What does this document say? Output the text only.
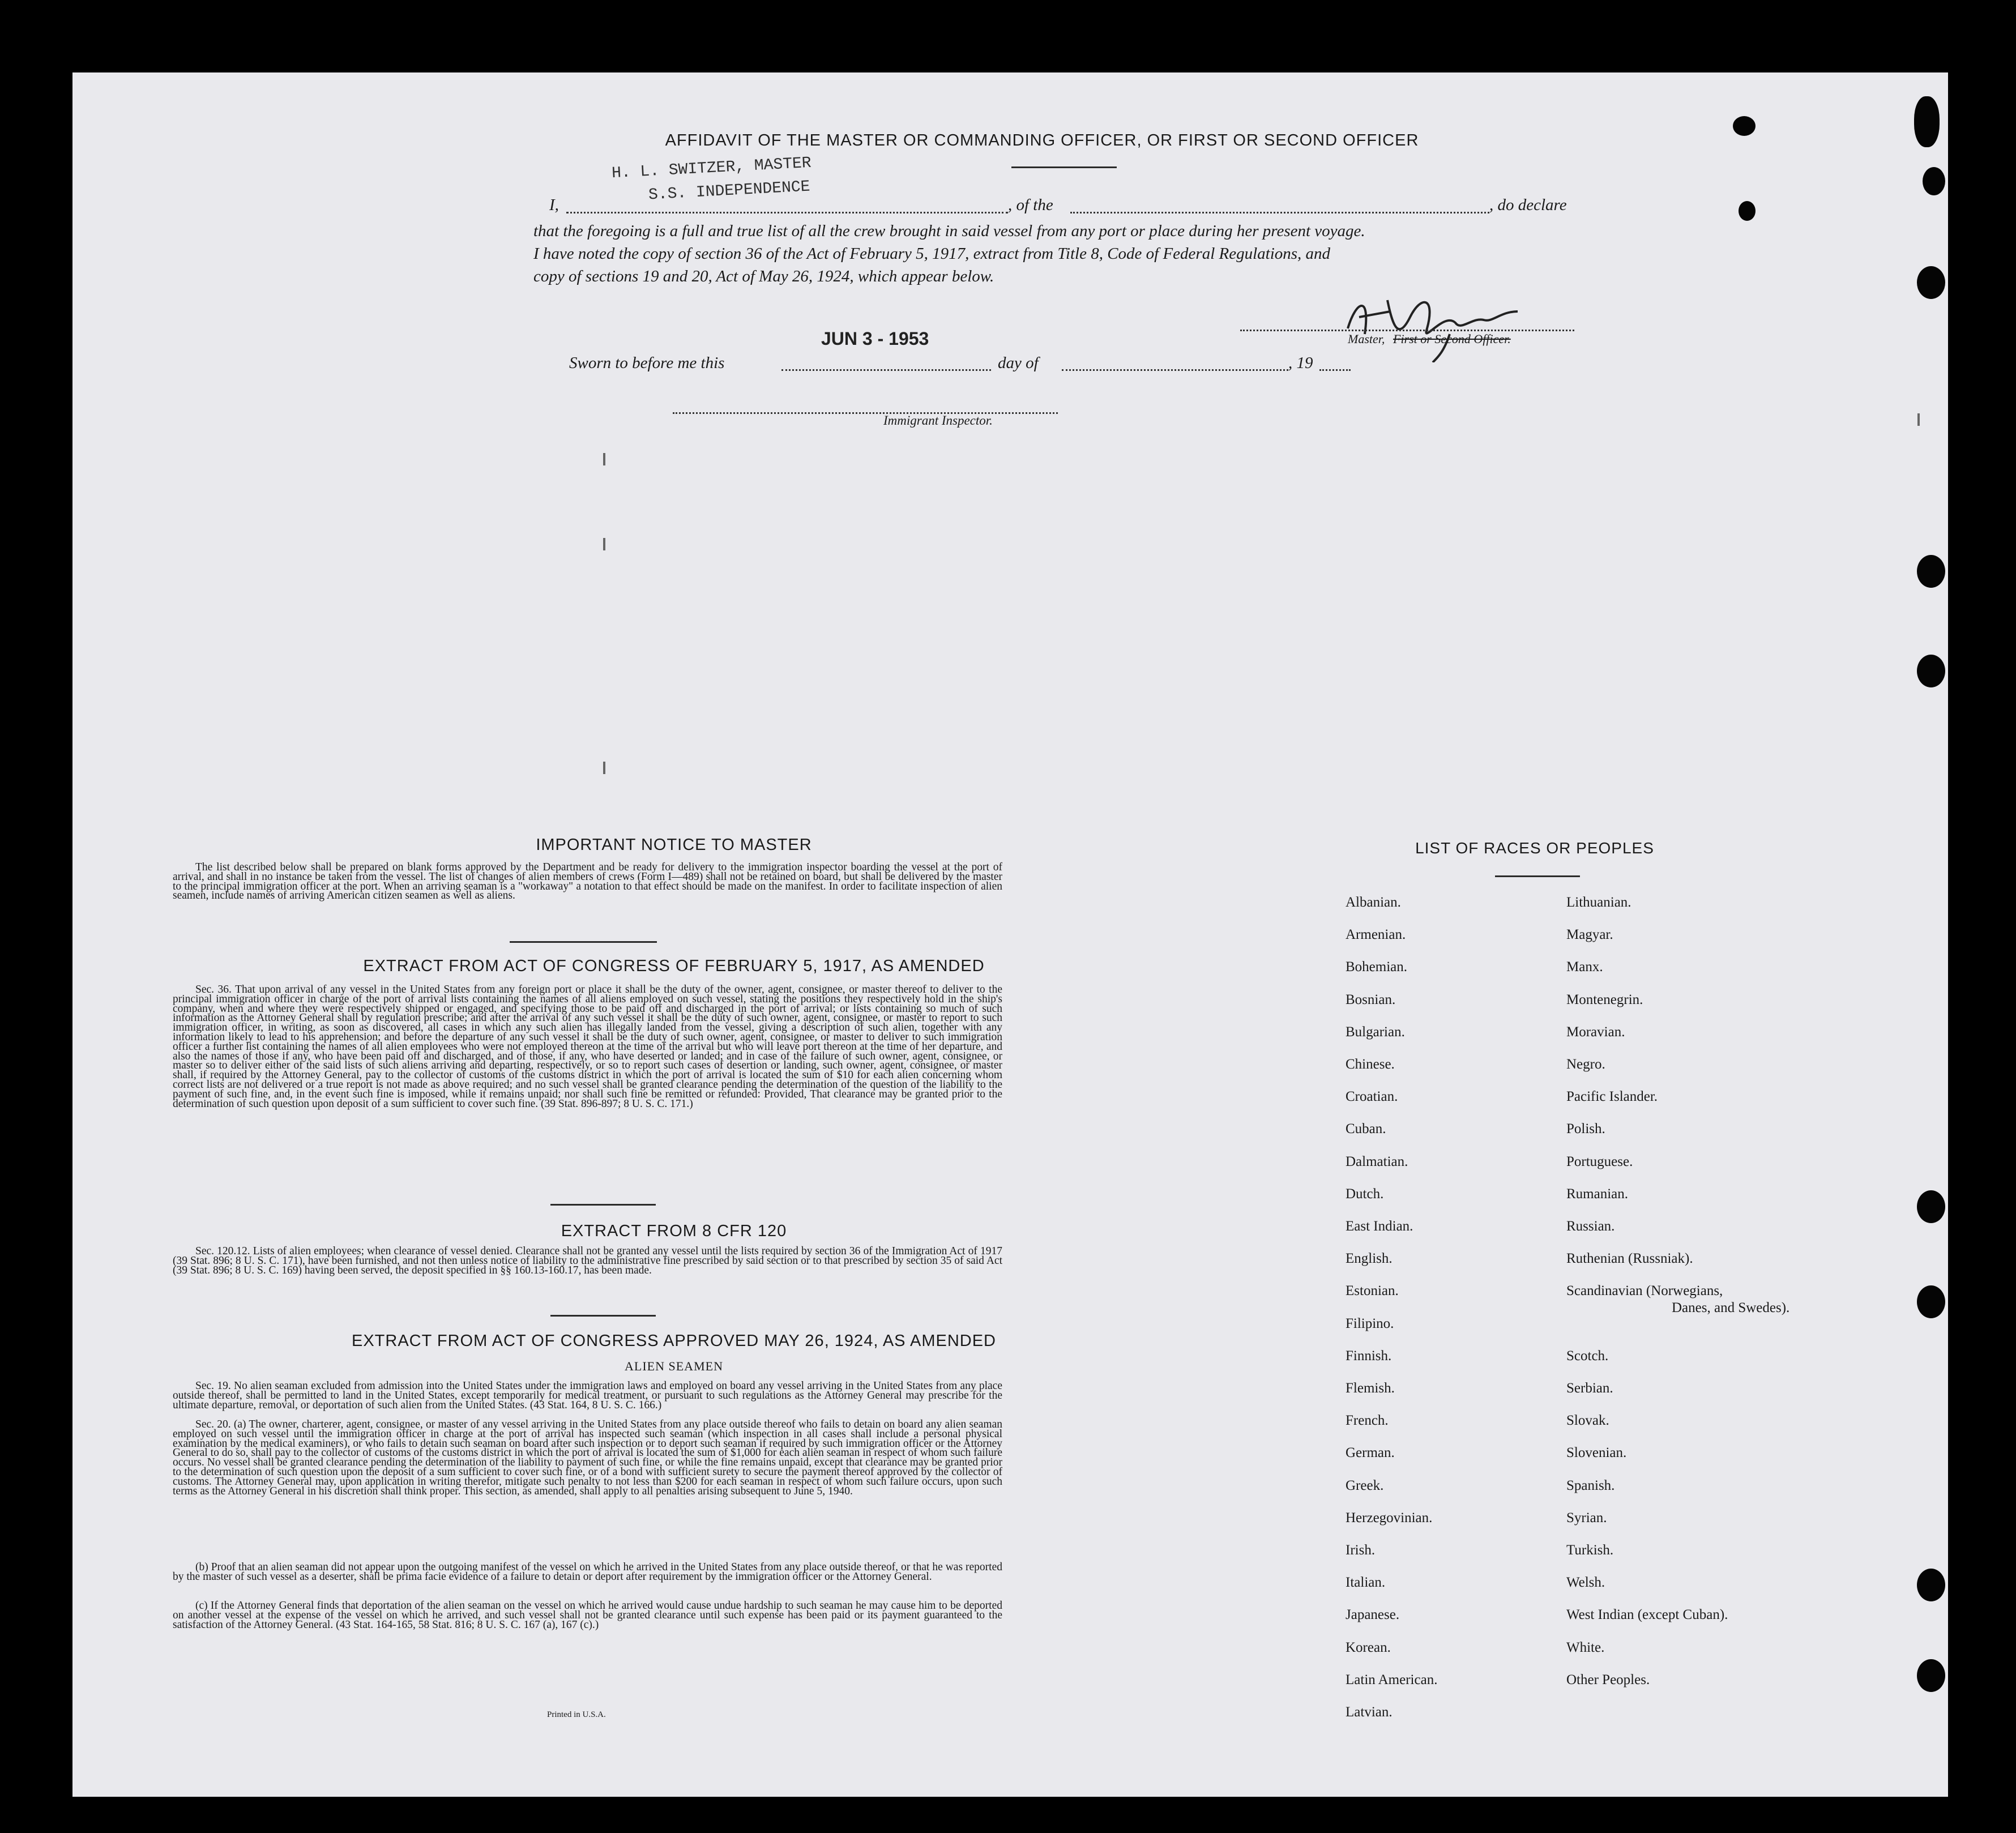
AFFIDAVIT OF THE MASTER OR COMMANDING OFFICER, OR FIRST OR SECOND OFFICER
H. L. SWITZER, MASTER
S.S. INDEPENDENCE
I,	, of the	, do declare
that the foregoing is a full and true list of all the crew brought in said vessel from any port or place during her present voyage.
I have noted the copy of section 36 of the Act of February 5, 1917, extract from Title 8, Code of Federal Regulations, and
copy of sections 19 and 20, Act of May 26, 1924, which appear below.
Master, First or Second Officer.
JUN 3 - 1953
Sworn to before me this	day of	, 19
Immigrant Inspector.
IMPORTANT NOTICE TO MASTER
The list described below shall be prepared on blank forms approved by the Department and be ready for delivery to the immigration inspector boarding the vessel at the port of arrival, and shall in no instance be taken from the vessel. The list of changes of alien members of crews (Form I—489) shall not be retained on board, but shall be delivered by the master to the principal immigration officer at the port. When an arriving seaman is a "workaway" a notation to that effect should be made on the manifest. In order to facilitate inspection of alien seamen, include names of arriving American citizen seamen as well as aliens.
EXTRACT FROM ACT OF CONGRESS OF FEBRUARY 5, 1917, AS AMENDED
Sec. 36. That upon arrival of any vessel in the United States from any foreign port or place it shall be the duty of the owner, agent, consignee, or master thereof to deliver to the principal immigration officer in charge of the port of arrival lists containing the names of all aliens employed on such vessel, stating the positions they respectively hold in the ship's company, when and where they were respectively shipped or engaged, and specifying those to be paid off and discharged in the port of arrival; or lists containing so much of such information as the Attorney General shall by regulation prescribe; and after the arrival of any such vessel it shall be the duty of such owner, agent, consignee, or master to report to such immigration officer, in writing, as soon as discovered, all cases in which any such alien has illegally landed from the vessel, giving a description of such alien, together with any information likely to lead to his apprehension; and before the departure of any such vessel it shall be the duty of such owner, agent, consignee, or master to deliver to such immigration officer a further list containing the names of all alien employees who were not employed thereon at the time of the arrival but who will leave port thereon at the time of her departure, and also the names of those if any, who have been paid off and discharged, and of those, if any, who have deserted or landed; and in case of the failure of such owner, agent, consignee, or master so to deliver either of the said lists of such aliens arriving and departing, respectively, or so to report such cases of desertion or landing, such owner, agent, consignee, or master shall, if required by the Attorney General, pay to the collector of customs of the customs district in which the port of arrival is located the sum of $10 for each alien concerning whom correct lists are not delivered or a true report is not made as above required; and no such vessel shall be granted clearance pending the determination of the question of the liability to the payment of such fine, and, in the event such fine is imposed, while it remains unpaid; nor shall such fine be remitted or refunded: Provided, That clearance may be granted prior to the determination of such question upon deposit of a sum sufficient to cover such fine. (39 Stat. 896-897; 8 U. S. C. 171.)
EXTRACT FROM 8 CFR 120
Sec. 120.12. Lists of alien employees; when clearance of vessel denied. Clearance shall not be granted any vessel until the lists required by section 36 of the Immigration Act of 1917 (39 Stat. 896; 8 U. S. C. 171), have been furnished, and not then unless notice of liability to the administrative fine prescribed by said section or to that prescribed by section 35 of said Act (39 Stat. 896; 8 U. S. C. 169) having been served, the deposit specified in §§ 160.13-160.17, has been made.
EXTRACT FROM ACT OF CONGRESS APPROVED MAY 26, 1924, AS AMENDED
ALIEN SEAMEN
Sec. 19. No alien seaman excluded from admission into the United States under the immigration laws and employed on board any vessel arriving in the United States from any place outside thereof, shall be permitted to land in the United States, except temporarily for medical treatment, or pursuant to such regulations as the Attorney General may prescribe for the ultimate departure, removal, or deportation of such alien from the United States. (43 Stat. 164, 8 U. S. C. 166.)
Sec. 20. (a) The owner, charterer, agent, consignee, or master of any vessel arriving in the United States from any place outside thereof who fails to detain on board any alien seaman employed on such vessel until the immigration officer in charge at the port of arrival has inspected such seaman (which inspection in all cases shall include a personal physical examination by the medical examiners), or who fails to detain such seaman on board after such inspection or to deport such seaman if required by such immigration officer or the Attorney General to do so, shall pay to the collector of customs of the customs district in which the port of arrival is located the sum of $1,000 for each alien seaman in respect of whom such failure occurs. No vessel shall be granted clearance pending the determination of the liability to payment of such fine, or while the fine remains unpaid, except that clearance may be granted prior to the determination of such question upon the deposit of a sum sufficient to cover such fine, or of a bond with sufficient surety to secure the payment thereof approved by the collector of customs. The Attorney General may, upon application in writing therefor, mitigate such penalty to not less than $200 for each seaman in respect of whom such failure occurs, upon such terms as the Attorney General in his discretion shall think proper. This section, as amended, shall apply to all penalties arising subsequent to June 5, 1940.
(b) Proof that an alien seaman did not appear upon the outgoing manifest of the vessel on which he arrived in the United States from any place outside thereof, or that he was reported by the master of such vessel as a deserter, shall be prima facie evidence of a failure to detain or deport after requirement by the immigration officer or the Attorney General.
(c) If the Attorney General finds that deportation of the alien seaman on the vessel on which he arrived would cause undue hardship to such seaman he may cause him to be deported on another vessel at the expense of the vessel on which he arrived, and such vessel shall not be granted clearance until such expense has been paid or its payment guaranteed to the satisfaction of the Attorney General. (43 Stat. 164-165, 58 Stat. 816; 8 U. S. C. 167 (a), 167 (c).)
Printed in U.S.A.
LIST OF RACES OR PEOPLES
Albanian.
Armenian.
Bohemian.
Bosnian.
Bulgarian.
Chinese.
Croatian.
Cuban.
Dalmatian.
Dutch.
East Indian.
English.
Estonian.
Filipino.
Finnish.
Flemish.
French.
German.
Greek.
Herzegovinian.
Irish.
Italian.
Japanese.
Korean.
Latin American.
Latvian.
Lithuanian.
Magyar.
Manx.
Montenegrin.
Moravian.
Negro.
Pacific Islander.
Polish.
Portuguese.
Rumanian.
Russian.
Ruthenian (Russniak).
Scandinavian (Norwegians,
Danes, and Swedes).
Scotch.
Serbian.
Slovak.
Slovenian.
Spanish.
Syrian.
Turkish.
Welsh.
West Indian (except Cuban).
White.
Other Peoples.
